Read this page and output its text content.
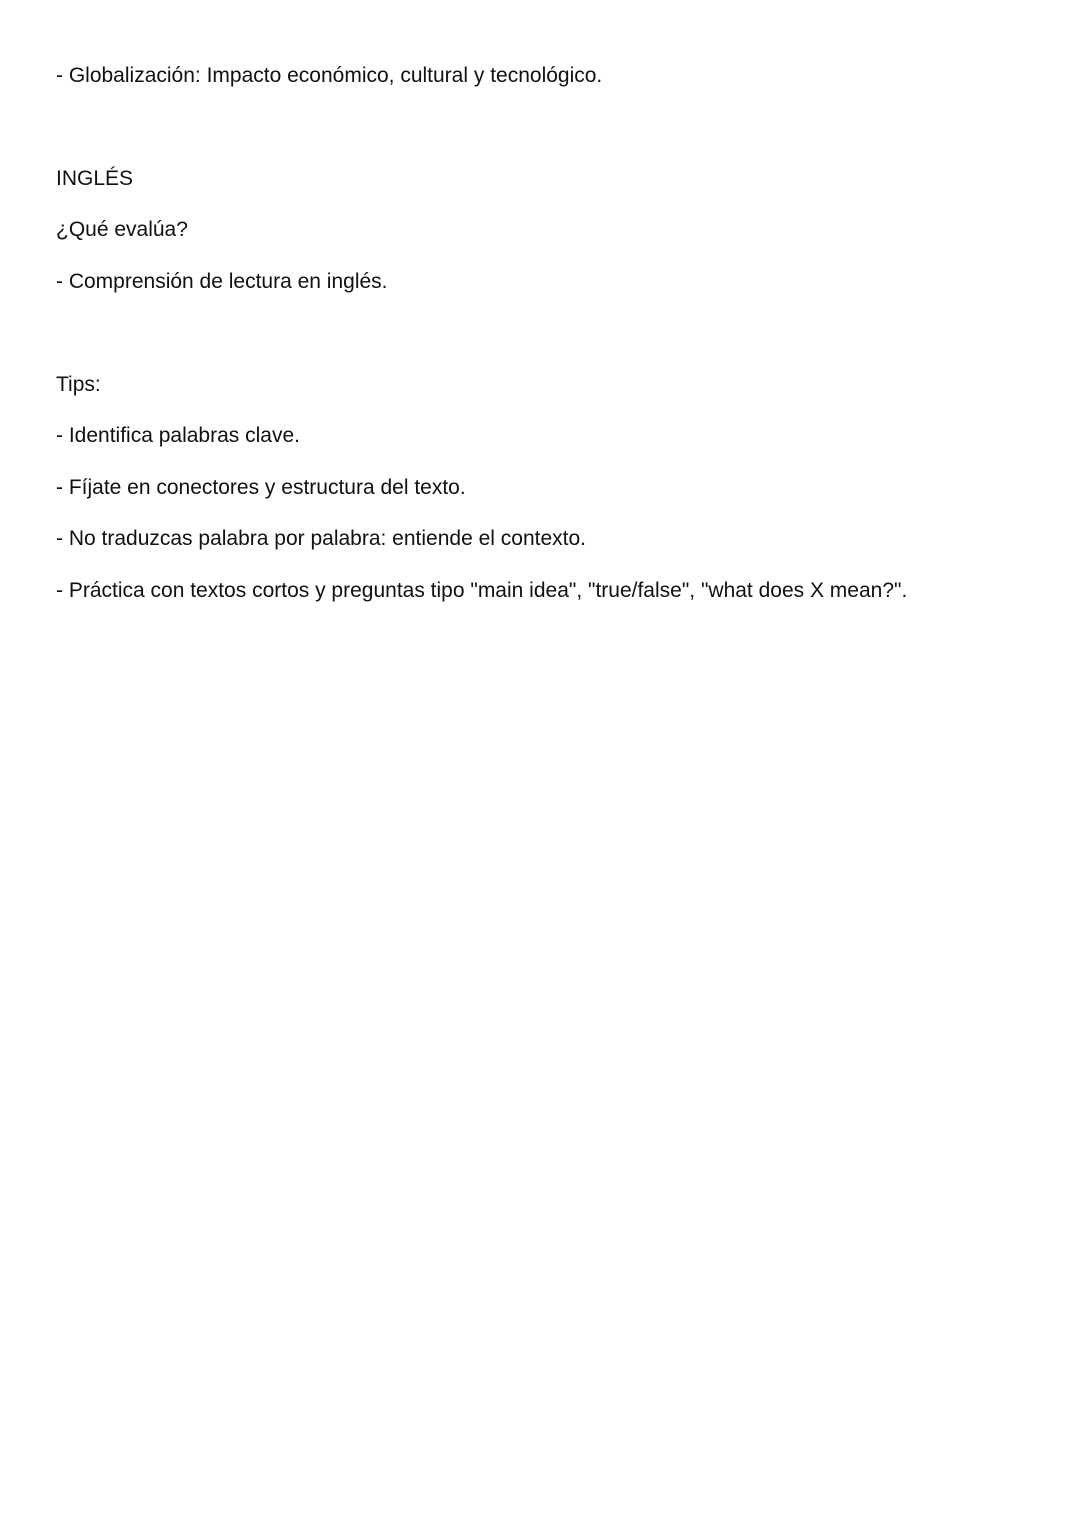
- Globalización: Impacto económico, cultural y tecnológico.
INGLÉS
¿Qué evalúa?
- Comprensión de lectura en inglés.
Tips:
- Identifica palabras clave.
- Fíjate en conectores y estructura del texto.
- No traduzcas palabra por palabra: entiende el contexto.
- Práctica con textos cortos y preguntas tipo "main idea", "true/false", "what does X mean?".
